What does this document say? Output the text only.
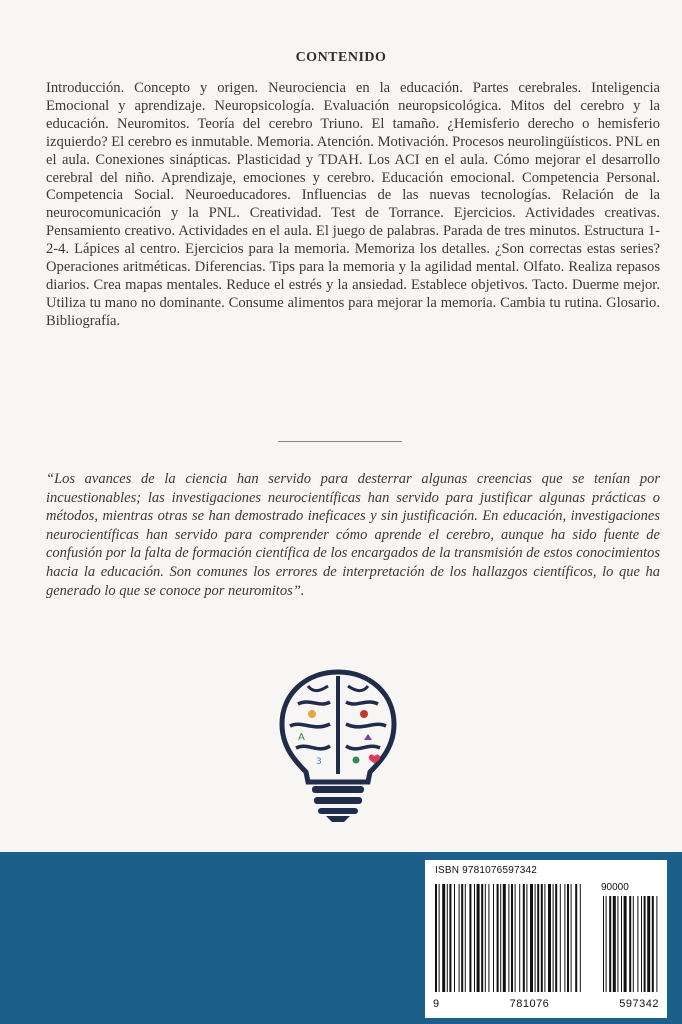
CONTENIDO
Introducción. Concepto y origen. Neurociencia en la educación. Partes cerebrales. Inteligencia Emocional y aprendizaje. Neuropsicología. Evaluación neuropsicológica. Mitos del cerebro y la educación. Neuromitos. Teoría del cerebro Triuno. El tamaño. ¿Hemisferio derecho o hemisferio izquierdo? El cerebro es inmutable. Memoria. Atención. Motivación. Procesos neurolingüísticos. PNL en el aula. Conexiones sinápticas. Plasticidad y TDAH. Los ACI en el aula. Cómo mejorar el desarrollo cerebral del niño. Aprendizaje, emociones y cerebro. Educación emocional. Competencia Personal. Competencia Social. Neuroeducadores. Influencias de las nuevas tecnologías. Relación de la neurocomunicación y la PNL. Creatividad. Test de Torrance. Ejercicios. Actividades creativas. Pensamiento creativo. Actividades en el aula. El juego de palabras. Parada de tres minutos. Estructura 1-2-4. Lápices al centro. Ejercicios para la memoria. Memoriza los detalles. ¿Son correctas estas series? Operaciones aritméticas. Diferencias. Tips para la memoria y la agilidad mental. Olfato. Realiza repasos diarios. Crea mapas mentales. Reduce el estrés y la ansiedad. Establece objetivos. Tacto. Duerme mejor. Utiliza tu mano no dominante. Consume alimentos para mejorar la memoria. Cambia tu rutina. Glosario. Bibliografía.
“Los avances de la ciencia han servido para desterrar algunas creencias que se tenían por incuestionables; las investigaciones neurocientíficas han servido para justificar algunas prácticas o métodos, mientras otras se han demostrado ineficaces y sin justificación. En educación, investigaciones neurocientíficas han servido para comprender cómo aprende el cerebro, aunque ha sido fuente de confusión por la falta de formación científica de los encargados de la transmisión de estos conocimientos hacia la educación. Son comunes los errores de interpretación de los hallazgos científicos, lo que ha generado lo que se conoce por neuromitos”.
A
3
ISBN 9781076597342
90000
9	781076	597342
